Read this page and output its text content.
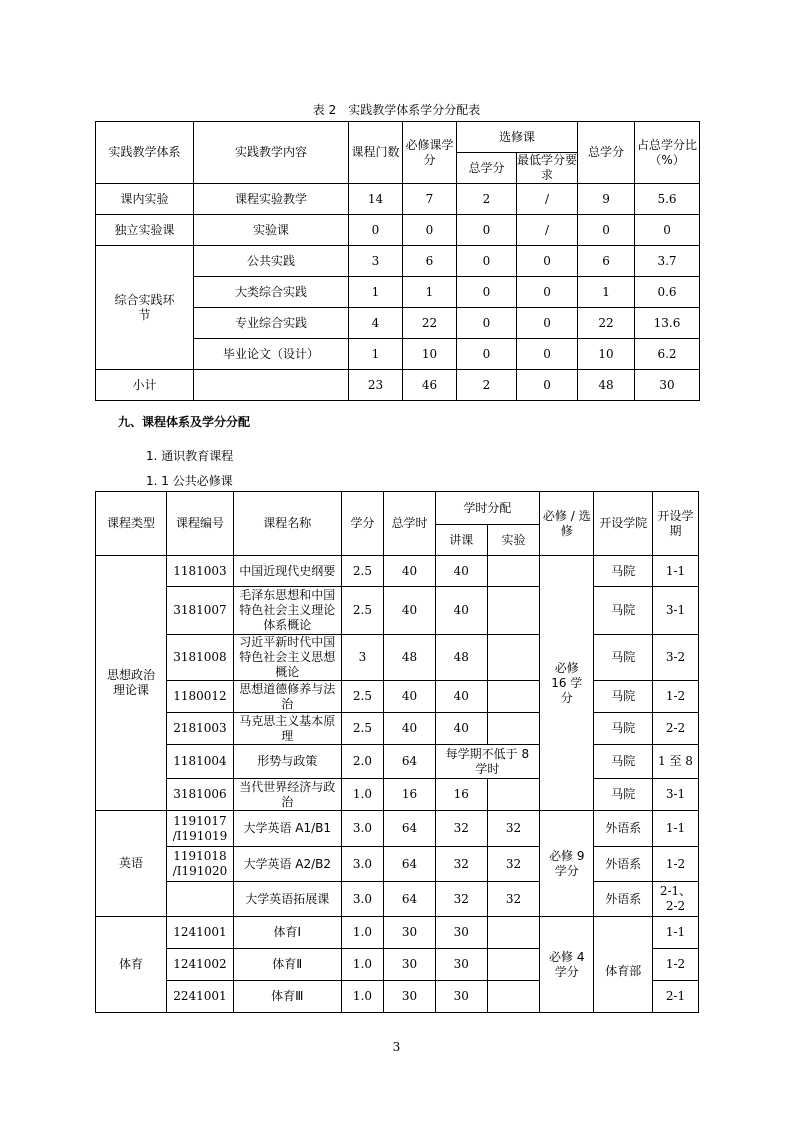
表 2　实践教学体系学分分配表
实践教学体系	实践教学内容	课程门数	必修课学分	选修课		总学分	占总学分比（%）
				总学分	最低学分要求		
课内实验	课程实验教学	14	7	2	/	9	5.6
独立实验课	实验课	0	0	0	/	0	0
综合实践环节	公共实践	3	6	0	0	6	3.7
	大类综合实践	1	1	0	0	1	0.6
	专业综合实践	4	22	0	0	22	13.6
	毕业论文（设计）	1	10	0	0	10	6.2
小计		23	46	2	0	48	30
九、课程体系及学分分配
1. 通识教育课程
1. 1 公共必修课
课程类型	课程编号	课程名称	学分	总学时	学时分配		必修 / 选修	开设学院	开设学期
					讲课	实验			
思想政治理论课	1181003	中国近现代史纲要	2.5	40	40		必修16 学分	马院	1-1
	3181007	毛泽东思想和中国特色社会主义理论体系概论	2.5	40	40			马院	3-1
	3181008	习近平新时代中国特色社会主义思想概论	3	48	48			马院	3-2
	1180012	思想道德修养与法治	2.5	40	40			马院	1-2
	2181003	马克思主义基本原理	2.5	40	40			马院	2-2
	1181004	形势与政策	2.0	64	每学期不低于 8 学时			马院	1 至 8
	3181006	当代世界经济与政治	1.0	16	16			马院	3-1
英语	1191017 /I191019	大学英语 A1/B1	3.0	64	32	32	必修 9 学分	外语系	1-1
	1191018 /I191020	大学英语 A2/B2	3.0	64	32	32		外语系	1-2
		大学英语拓展课	3.0	64	32	32		外语系	2-1、2-2
体育	1241001	体育Ⅰ	1.0	30	30		必修 4 学分	体育部	1-1
	1241002	体育Ⅱ	1.0	30	30				1-2
	2241001	体育Ⅲ	1.0	30	30				2-1
3
